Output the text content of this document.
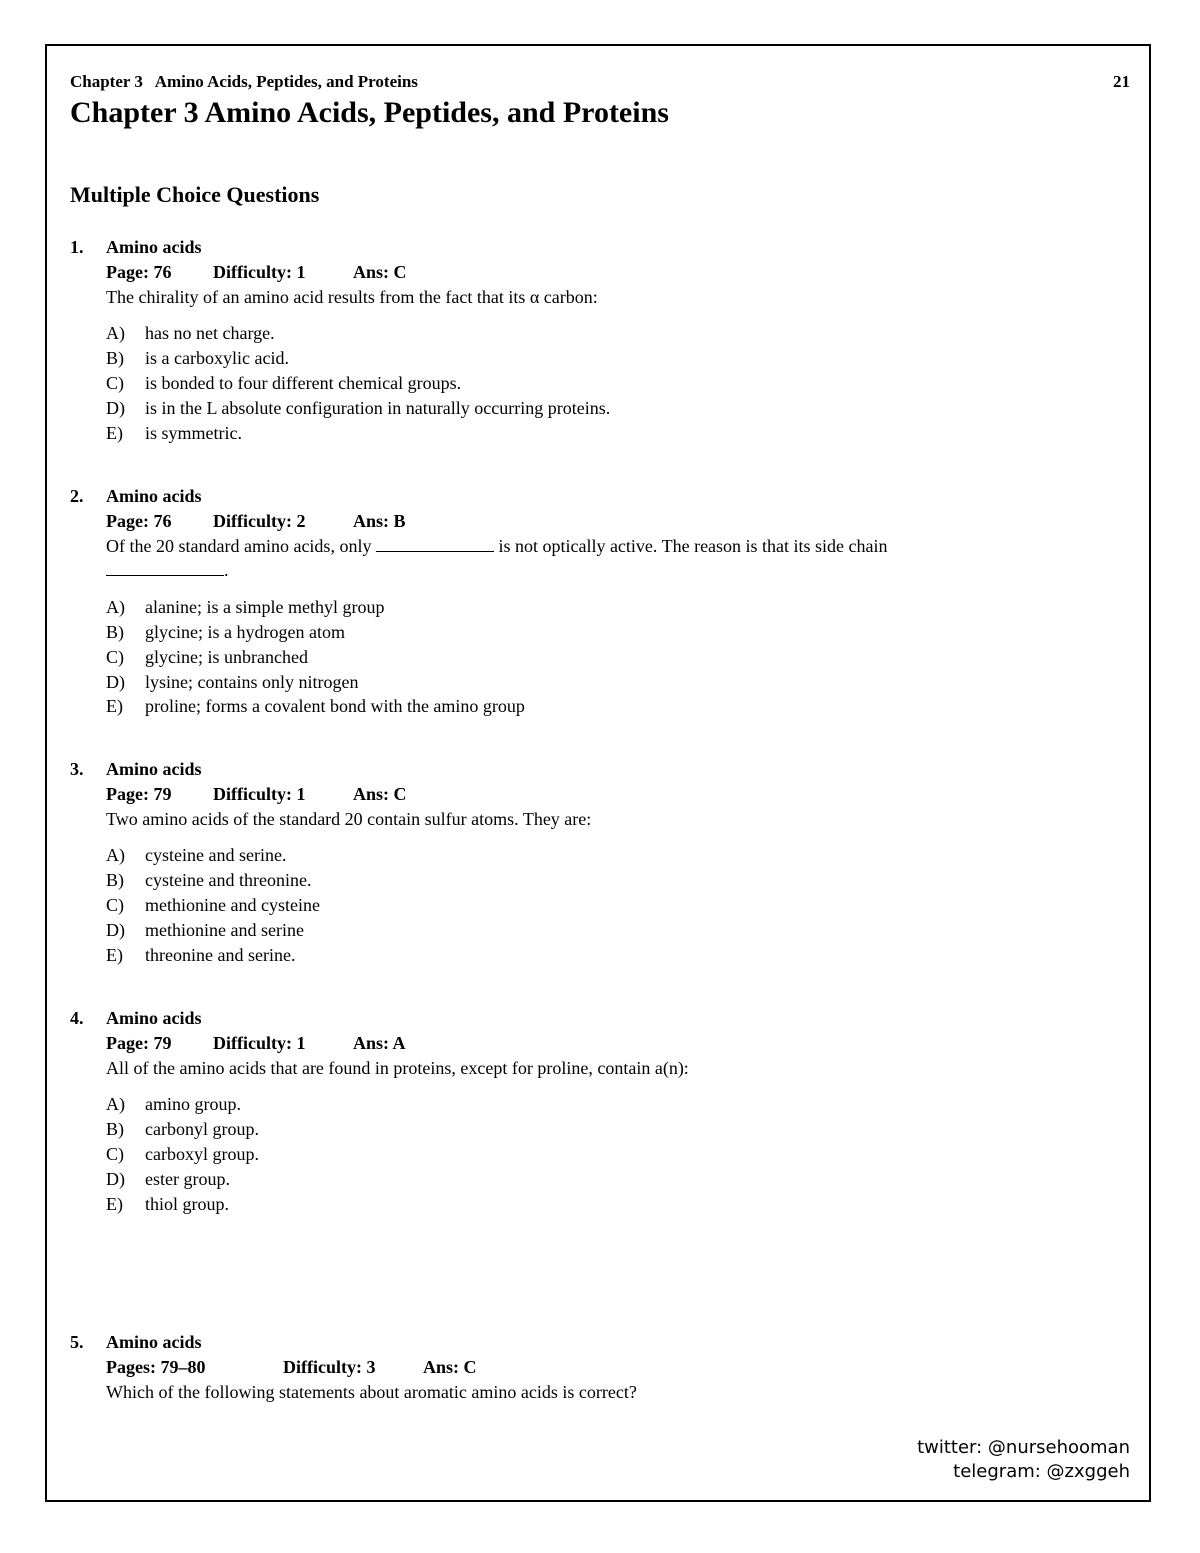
Chapter 3   Amino Acids, Peptides, and Proteins	21
Chapter 3 Amino Acids, Peptides, and Proteins
Multiple Choice Questions
1. Amino acids
Page: 76 Difficulty: 1	Ans: C
The chirality of an amino acid results from the fact that its α carbon:
A) has no net charge.
B) is a carboxylic acid.
C) is bonded to four different chemical groups.
D) is in the L absolute configuration in naturally occurring proteins.
E) is symmetric.
2. Amino acids
Page: 76 Difficulty: 2	Ans: B
Of the 20 standard amino acids, only	is not optically active. The reason is that its side chain
.
A) alanine; is a simple methyl group
B) glycine; is a hydrogen atom
C) glycine; is unbranched
D) lysine; contains only nitrogen
E) proline; forms a covalent bond with the amino group
3. Amino acids
Page: 79 Difficulty: 1	Ans: C
Two amino acids of the standard 20 contain sulfur atoms. They are:
A) cysteine and serine.
B) cysteine and threonine.
C) methionine and cysteine
D) methionine and serine
E) threonine and serine.
4. Amino acids
Page: 79 Difficulty: 1	Ans: A
All of the amino acids that are found in proteins, except for proline, contain a(n):
A) amino group.
B) carbonyl group.
C) carboxyl group.
D) ester group.
E) thiol group.
5. Amino acids
Pages: 79–80	Difficulty: 3	Ans: C
Which of the following statements about aromatic amino acids is correct?
twitter: @nursehooman
telegram: @zxggeh
